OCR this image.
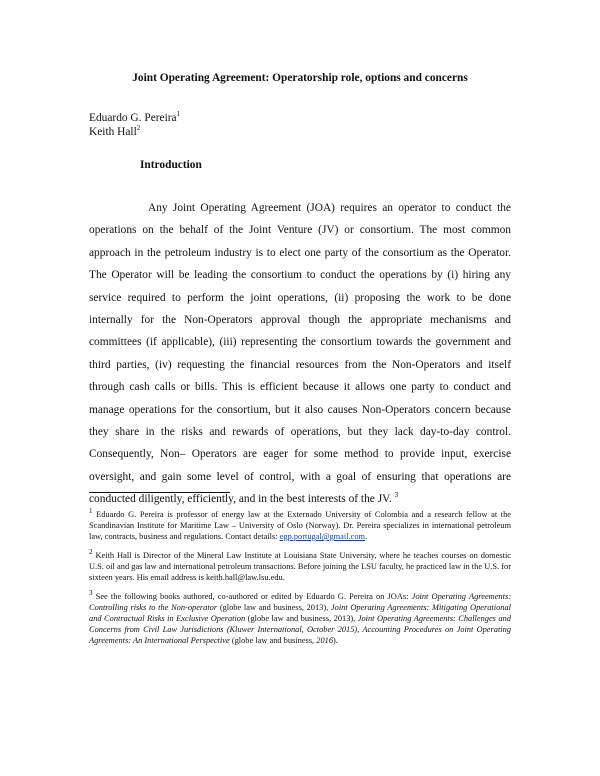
Joint Operating Agreement: Operatorship role, options and concerns
Eduardo G. Pereira$^1$
Keith Hall$^2$
Introduction

Any Joint Operating Agreement (JOA) requires an operator to conduct the operations on the behalf of the Joint Venture (JV) or consortium. The most common approach in the petroleum industry is to elect one party of the consortium as the Operator. The Operator will be leading the consortium to conduct the operations by (i) hiring any service required to perform the joint operations, (ii) proposing the work to be done internally for the Non-Operators approval though the appropriate mechanisms and committees (if applicable), (iii) representing the consortium towards the government and third parties, (iv) requesting the financial resources from the Non-Operators and itself through cash calls or bills. This is efficient because it allows one party to conduct and manage operations for the consortium, but it also causes Non-Operators concern because they share in the risks and rewards of operations, but they lack day-to-day control. Consequently, Non– Operators are eager for some method to provide input, exercise oversight, and gain some level of control, with a goal of ensuring that operations are conducted diligently, efficiently, and in the best interests of the JV. $^3$

$^1$ Eduardo G. Pereira is professor of energy law at the Externado University of Colombia and a research fellow at the Scandinavian Institute for Maritime Law – University of Oslo (Norway). Dr. Pereira specializes in international petroleum law, contracts, business and regulations. Contact details: egp.portugal@gmail.com.

$^2$ Keith Hall is Director of the Mineral Law Institute at Louisiana State University, where he teaches courses on domestic U.S. oil and gas law and international petroleum transactions. Before joining the LSU faculty, he practiced law in the U.S. for sixteen years. His email address is keith.hall@law.lsu.edu.

$^3$ See the following books authored, co-authored or edited by Eduardo G. Pereira on JOAs: Joint Operating Agreements: Controlling risks to the Non-operator (globe law and business, 2013), Joint Operating Agreements: Mitigating Operational and Contractual Risks in Exclusive Operation (globe law and business, 2013), Joint Operating Agreements: Challenges and Concerns from Civil Law Jurisdictions (Kluwer International, October 2015), Accounting Procedures on Joint Operating Agreements: An International Perspective (globe law and business, 2016).
